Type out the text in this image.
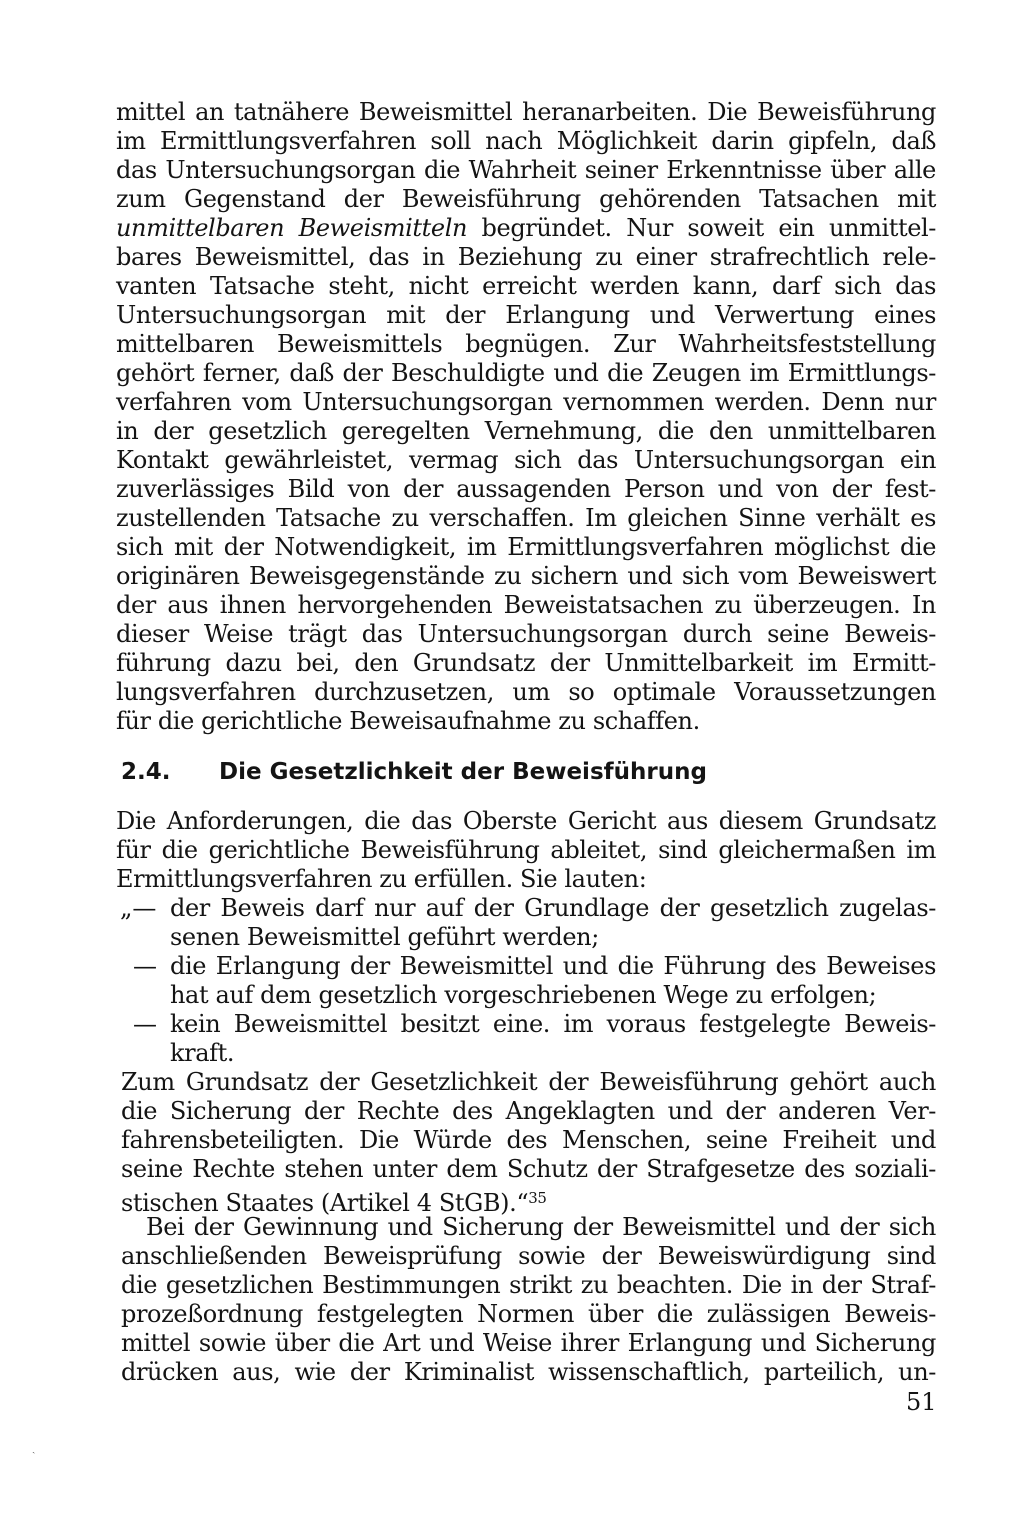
mittel an tatnähere Beweismittel heranarbeiten. Die Beweisführung
im Ermittlungsverfahren soll nach Möglichkeit darin gipfeln, daß
das Untersuchungsorgan die Wahrheit seiner Erkenntnisse über alle
zum Gegenstand der Beweisführung gehörenden Tatsachen mit
unmittelbaren Beweismitteln begründet. Nur soweit ein unmittel-
bares Beweismittel, das in Beziehung zu einer strafrechtlich rele-
vanten Tatsache steht, nicht erreicht werden kann, darf sich das
Untersuchungsorgan mit der Erlangung und Verwertung eines
mittelbaren Beweismittels begnügen. Zur Wahrheitsfeststellung
gehört ferner, daß der Beschuldigte und die Zeugen im Ermittlungs-
verfahren vom Untersuchungsorgan vernommen werden. Denn nur
in der gesetzlich geregelten Vernehmung, die den unmittelbaren
Kontakt gewährleistet, vermag sich das Untersuchungsorgan ein
zuverlässiges Bild von der aussagenden Person und von der fest-
zustellenden Tatsache zu verschaffen. Im gleichen Sinne verhält es
sich mit der Notwendigkeit, im Ermittlungsverfahren möglichst die
originären Beweisgegenstände zu sichern und sich vom Beweiswert
der aus ihnen hervorgehenden Beweistatsachen zu überzeugen. In
dieser Weise trägt das Untersuchungsorgan durch seine Beweis-
führung dazu bei, den Grundsatz der Unmittelbarkeit im Ermitt-
lungsverfahren durchzusetzen, um so optimale Voraussetzungen
für die gerichtliche Beweisaufnahme zu schaffen.
2.4. Die Gesetzlichkeit der Beweisführung
Die Anforderungen, die das Oberste Gericht aus diesem Grundsatz
für die gerichtliche Beweisführung ableitet, sind gleichermaßen im
Ermittlungsverfahren zu erfüllen. Sie lauten:
„— der Beweis darf nur auf der Grundlage der gesetzlich zugelas-
senen Beweismittel geführt werden;
— die Erlangung der Beweismittel und die Führung des Beweises
hat auf dem gesetzlich vorgeschriebenen Wege zu erfolgen;
— kein Beweismittel besitzt eine. im voraus festgelegte Beweis-
kraft.
Zum Grundsatz der Gesetzlichkeit der Beweisführung gehört auch
die Sicherung der Rechte des Angeklagten und der anderen Ver-
fahrensbeteiligten. Die Würde des Menschen, seine Freiheit und
seine Rechte stehen unter dem Schutz der Strafgesetze des soziali-
stischen Staates (Artikel 4 StGB).“$^{35}$
Bei der Gewinnung und Sicherung der Beweismittel und der sich
anschließenden Beweisprüfung sowie der Beweiswürdigung sind
die gesetzlichen Bestimmungen strikt zu beachten. Die in der Straf-
prozeßordnung festgelegten Normen über die zulässigen Beweis-
mittel sowie über die Art und Weise ihrer Erlangung und Sicherung
drücken aus, wie der Kriminalist wissenschaftlich, parteilich, un-
51
ˏ
